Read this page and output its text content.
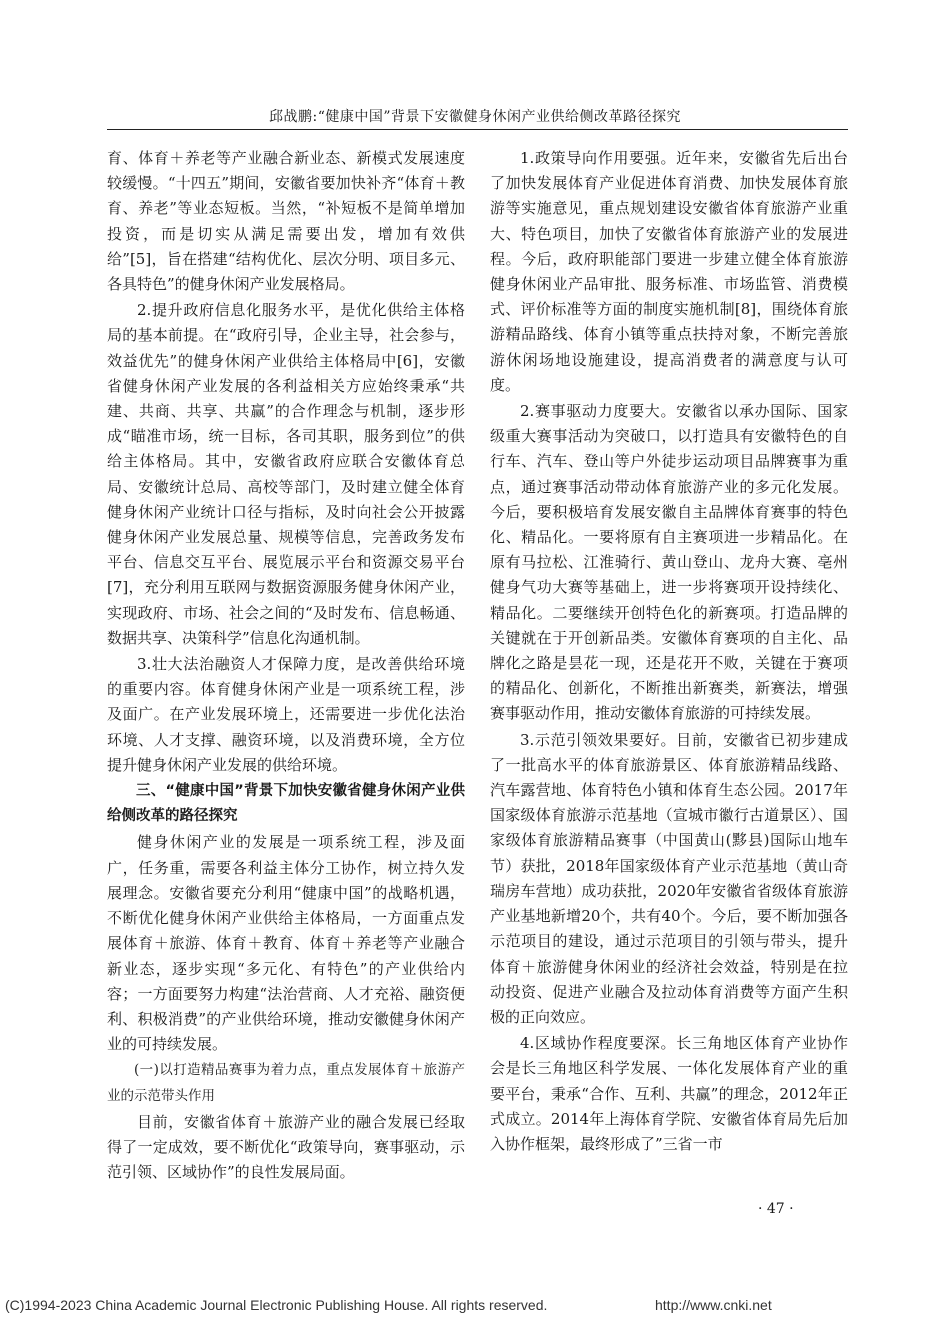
邱战鹏:“健康中国”背景下安徽健身休闲产业供给侧改革路径探究

育、体育＋养老等产业融合新业态、新模式发展速度较缓慢。“十四五”期间，安徽省要加快补齐“体育＋教育、养老”等业态短板。当然，“补短板不是简单增加投资，而是切实从满足需要出发，增加有效供给”[5]，旨在搭建“结构优化、层次分明、项目多元、各具特色”的健身休闲产业发展格局。

2.提升政府信息化服务水平，是优化供给主体格局的基本前提。在“政府引导，企业主导，社会参与，效益优先”的健身休闲产业供给主体格局中[6]，安徽省健身休闲产业发展的各利益相关方应始终秉承“共建、共商、共享、共赢”的合作理念与机制，逐步形成“瞄准市场，统一目标，各司其职，服务到位”的供给主体格局。其中，安徽省政府应联合安徽体育总局、安徽统计总局、高校等部门，及时建立健全体育健身休闲产业统计口径与指标，及时向社会公开披露健身休闲产业发展总量、规模等信息，完善政务发布平台、信息交互平台、展览展示平台和资源交易平台[7]，充分利用互联网与数据资源服务健身休闲产业，实现政府、市场、社会之间的“及时发布、信息畅通、数据共享、决策科学”信息化沟通机制。

3.壮大法治融资人才保障力度，是改善供给环境的重要内容。体育健身休闲产业是一项系统工程，涉及面广。在产业发展环境上，还需要进一步优化法治环境、人才支撑、融资环境，以及消费环境，全方位提升健身休闲产业发展的供给环境。

三、“健康中国”背景下加快安徽省健身休闲产业供给侧改革的路径探究

健身休闲产业的发展是一项系统工程，涉及面广，任务重，需要各利益主体分工协作，树立持久发展理念。安徽省要充分利用“健康中国”的战略机遇，不断优化健身休闲产业供给主体格局，一方面重点发展体育＋旅游、体育＋教育、体育＋养老等产业融合新业态，逐步实现“多元化、有特色”的产业供给内容；一方面要努力构建“法治营商、人才充裕、融资便利、积极消费”的产业供给环境，推动安徽健身休闲产业的可持续发展。

(一)以打造精品赛事为着力点，重点发展体育＋旅游产业的示范带头作用

目前，安徽省体育＋旅游产业的融合发展已经取得了一定成效，要不断优化“政策导向，赛事驱动，示范引领、区域协作”的良性发展局面。

1.政策导向作用要强。近年来，安徽省先后出台了加快发展体育产业促进体育消费、加快发展体育旅游等实施意见，重点规划建设安徽省体育旅游产业重大、特色项目，加快了安徽省体育旅游产业的发展进程。今后，政府职能部门要进一步建立健全体育旅游健身休闲业产品审批、服务标准、市场监管、消费模式、评价标准等方面的制度实施机制[8]，围绕体育旅游精品路线、体育小镇等重点扶持对象，不断完善旅游休闲场地设施建设，提高消费者的满意度与认可度。

2.赛事驱动力度要大。安徽省以承办国际、国家级重大赛事活动为突破口，以打造具有安徽特色的自行车、汽车、登山等户外徒步运动项目品牌赛事为重点，通过赛事活动带动体育旅游产业的多元化发展。今后，要积极培育发展安徽自主品牌体育赛事的特色化、精品化。一要将原有自主赛项进一步精品化。在原有马拉松、江淮骑行、黄山登山、龙舟大赛、亳州健身气功大赛等基础上，进一步将赛项开设持续化、精品化。二要继续开创特色化的新赛项。打造品牌的关键就在于开创新品类。安徽体育赛项的自主化、品牌化之路是昙花一现，还是花开不败，关键在于赛项的精品化、创新化，不断推出新赛类，新赛法，增强赛事驱动作用，推动安徽体育旅游的可持续发展。

3.示范引领效果要好。目前，安徽省已初步建成了一批高水平的体育旅游景区、体育旅游精品线路、汽车露营地、体育特色小镇和体育生态公园。2017年国家级体育旅游示范基地（宣城市徽行古道景区）、国家级体育旅游精品赛事（中国黄山(黟县)国际山地车节）获批，2018年国家级体育产业示范基地（黄山奇瑞房车营地）成功获批，2020年安徽省省级体育旅游产业基地新增20个，共有40个。今后，要不断加强各示范项目的建设，通过示范项目的引领与带头，提升体育＋旅游健身休闲业的经济社会效益，特别是在拉动投资、促进产业融合及拉动体育消费等方面产生积极的正向效应。

4.区域协作程度要深。长三角地区体育产业协作会是长三角地区科学发展、一体化发展体育产业的重要平台，秉承“合作、互利、共赢”的理念，2012年正式成立。2014年上海体育学院、安徽省体育局先后加入协作框架，最终形成了”三省一市

· 47 ·
(C)1994-2023 China Academic Journal Electronic Publishing House. All rights reserved.	http://www.cnki.net
